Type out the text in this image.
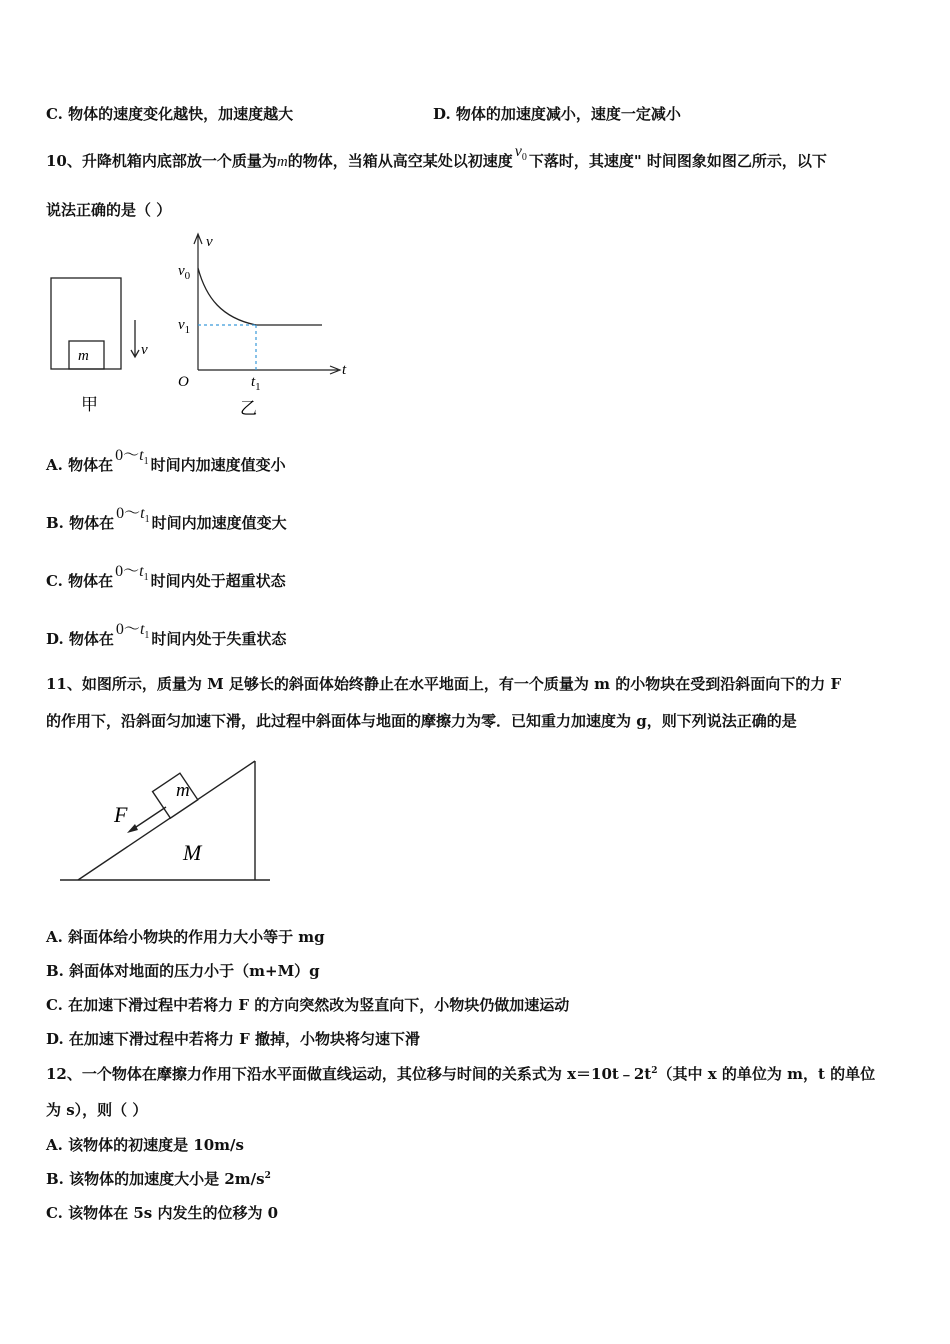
C. 物体的速度变化越快，加速度越大	D. 物体的加速度减小，速度一定减小
10、升降机箱内底部放一个质量为m的物体，当箱从高空某处以初速度$v_0$ 下落时，其速度" 时间图象如图乙所示，以下
说法正确的是（ ）
m	v
甲
v
t
O
$v_0$
$v_1$
$t_1$
乙
A. 物体在$0\sim t_1$ 时间内加速度值变小
B. 物体在$0\sim t_1$ 时间内加速度值变大
C. 物体在$0\sim t_1$ 时间内处于超重状态
D. 物体在$0\sim t_1$ 时间内处于失重状态
11、如图所示，质量为 M 足够长的斜面体始终静止在水平地面上，有一个质量为 m 的小物块在受到沿斜面向下的力 F
的作用下，沿斜面匀加速下滑，此过程中斜面体与地面的摩擦力为零．已知重力加速度为 g，则下列说法正确的是
m
F
M
A. 斜面体给小物块的作用力大小等于 mg
B. 斜面体对地面的压力小于（m+M）g
C. 在加速下滑过程中若将力 F 的方向突然改为竖直向下，小物块仍做加速运动
D. 在加速下滑过程中若将力 F 撤掉，小物块将匀速下滑
12、一个物体在摩擦力作用下沿水平面做直线运动，其位移与时间的关系式为 $x=10t﹣2t^2$（其中 x 的单位为 m，t 的单位
为 s），则（ ）
A. 该物体的初速度是 10m/s
B. 该物体的加速度大小是 $2m/s^2$
C. 该物体在 5s 内发生的位移为 0
